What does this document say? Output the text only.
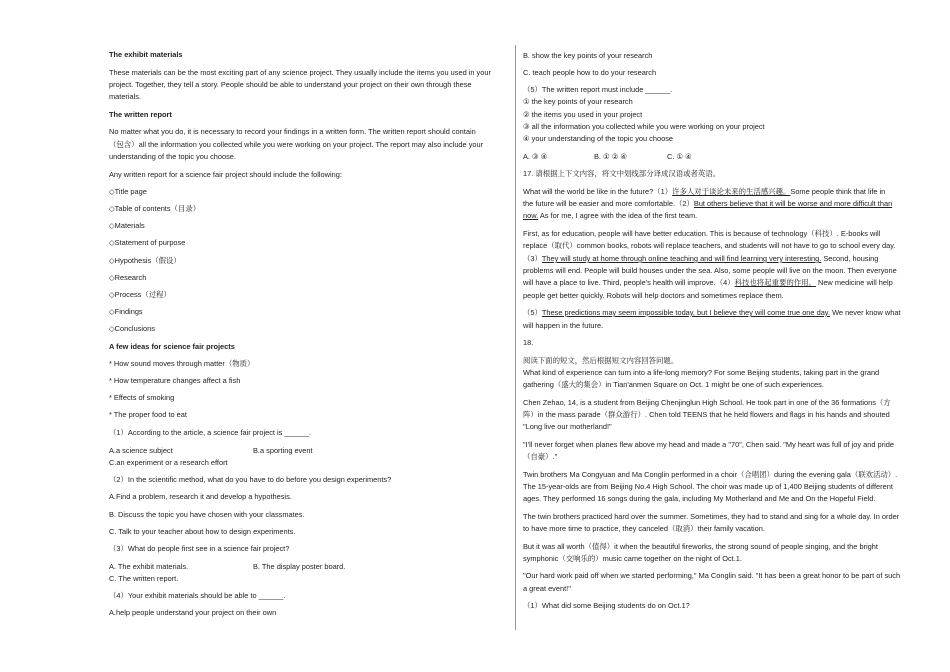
The exhibit materials

These materials can be the most exciting part of any science project. They usually include the items you used in your

project. Together, they tell a story. People should be able to understand your project on their own through these

materials.

The written report

No matter what you do, it is necessary to record your findings in a written form. The written report should contain

（包含）all the information you collected while you were working on your project. The report may also include your

understanding of the topic you choose.

Any written report for a science fair project should include the following:

◇Title page

◇Table of contents（目录）

◇Materials

◇Statement of purpose

◇Hypothesis（假设）

◇Research

◇Process（过程）

◇Findings

◇Conclusions

A few ideas for science fair projects

* How sound moves through matter（物质）

* How temperature changes affect a fish

* Effects of smoking

* The proper food to eat

（1）According to the article, a science fair project is ______.

A.a science subject	B.a sporting event

C.an experiment or a research effort

（2）In the scientific method, what do you have to do before you design experiments?

A.Find a problem, research it and develop a hypothesis.

B. Discuss the topic you have chosen with your classmates.

C. Talk to your teacher about how to design experiments.

（3）What do people first see in a science fair project?

A. The exhibit materials.	B. The display poster board.

C. The written report.

（4）Your exhibit materials should be able to ______.

A.help people understand your project on their own

B. show the key points of your research

C. teach people how to do your research

（5）The written report must include ______.

① the key points of your research

② the items you used in your project

③ all the information you collected while you were working on your project

④ your understanding of the topic you choose

A. ③ ④	B. ① ② ④	C. ① ④

17. 请根据上下文内容，将文中划线部分译成汉语或者英语。

What will the world be like in the future?（1）许多人对于谈论未来的生活感兴趣。Some people think that life in

the future will be easier and more comfortable.（2）But others believe that it will be worse and more difficult than

now. As for me, I agree with the idea of the first team.

First, as for education, people will have better education. This is because of technology（科技）. E-books will

replace（取代）common books, robots will replace teachers, and students will not have to go to school every day.

（3）They will study at home through online teaching and will find learning very interesting. Second, housing

problems will end. People will build houses under the sea. Also, some people will live on the moon. Then everyone

will have a place to live. Third, people's health will improve.（4）科技也将起重要的作用。 New medicine will help

people get better quickly. Robots will help doctors and sometimes replace them.

（5）These predictions may seem impossible today, but I believe they will come true one day. We never know what

will happen in the future.

18.

阅读下面的短文，然后根据短文内容回答问题。

What kind of experience can turn into a life-long memory? For some Beijing students, taking part in the grand

gathering（盛大的集会）in Tian'anmen Square on Oct. 1 might be one of such experiences.

Chen Zehao, 14, is a student from Beijing Chenjinglun High School. He took part in one of the 36 formations（方

阵）in the mass parade（群众游行）. Chen told TEENS that he held flowers and flags in his hands and shouted

"Long live our motherland!"

"I'll never forget when planes flew above my head and made a "70", Chen said. "My heart was full of joy and pride

（自豪）."

Twin brothers Ma Congyuan and Ma Conglin performed in a choir（合唱团）during the evening gala（联欢活动）.

The 15-year-olds are from Beijing No.4 High School. The choir was made up of 1,400 Beijing students of different

ages. They performed 16 songs during the gala, including My Motherland and Me and On the Hopeful Field.

The twin brothers practiced hard over the summer. Sometimes, they had to stand and sing for a whole day. In order

to have more time to practice, they canceled（取消）their family vacation.

But it was all worth（值得）it when the beautiful fireworks, the strong sound of people singing, and the bright

symphonic（交响乐的）music came together on the night of Oct.1.

"Our hard work paid off when we started performing," Ma Conglin said. "It has been a great honor to be part of such

a great event!"

（1）What did some Beijing students do on Oct.1?
